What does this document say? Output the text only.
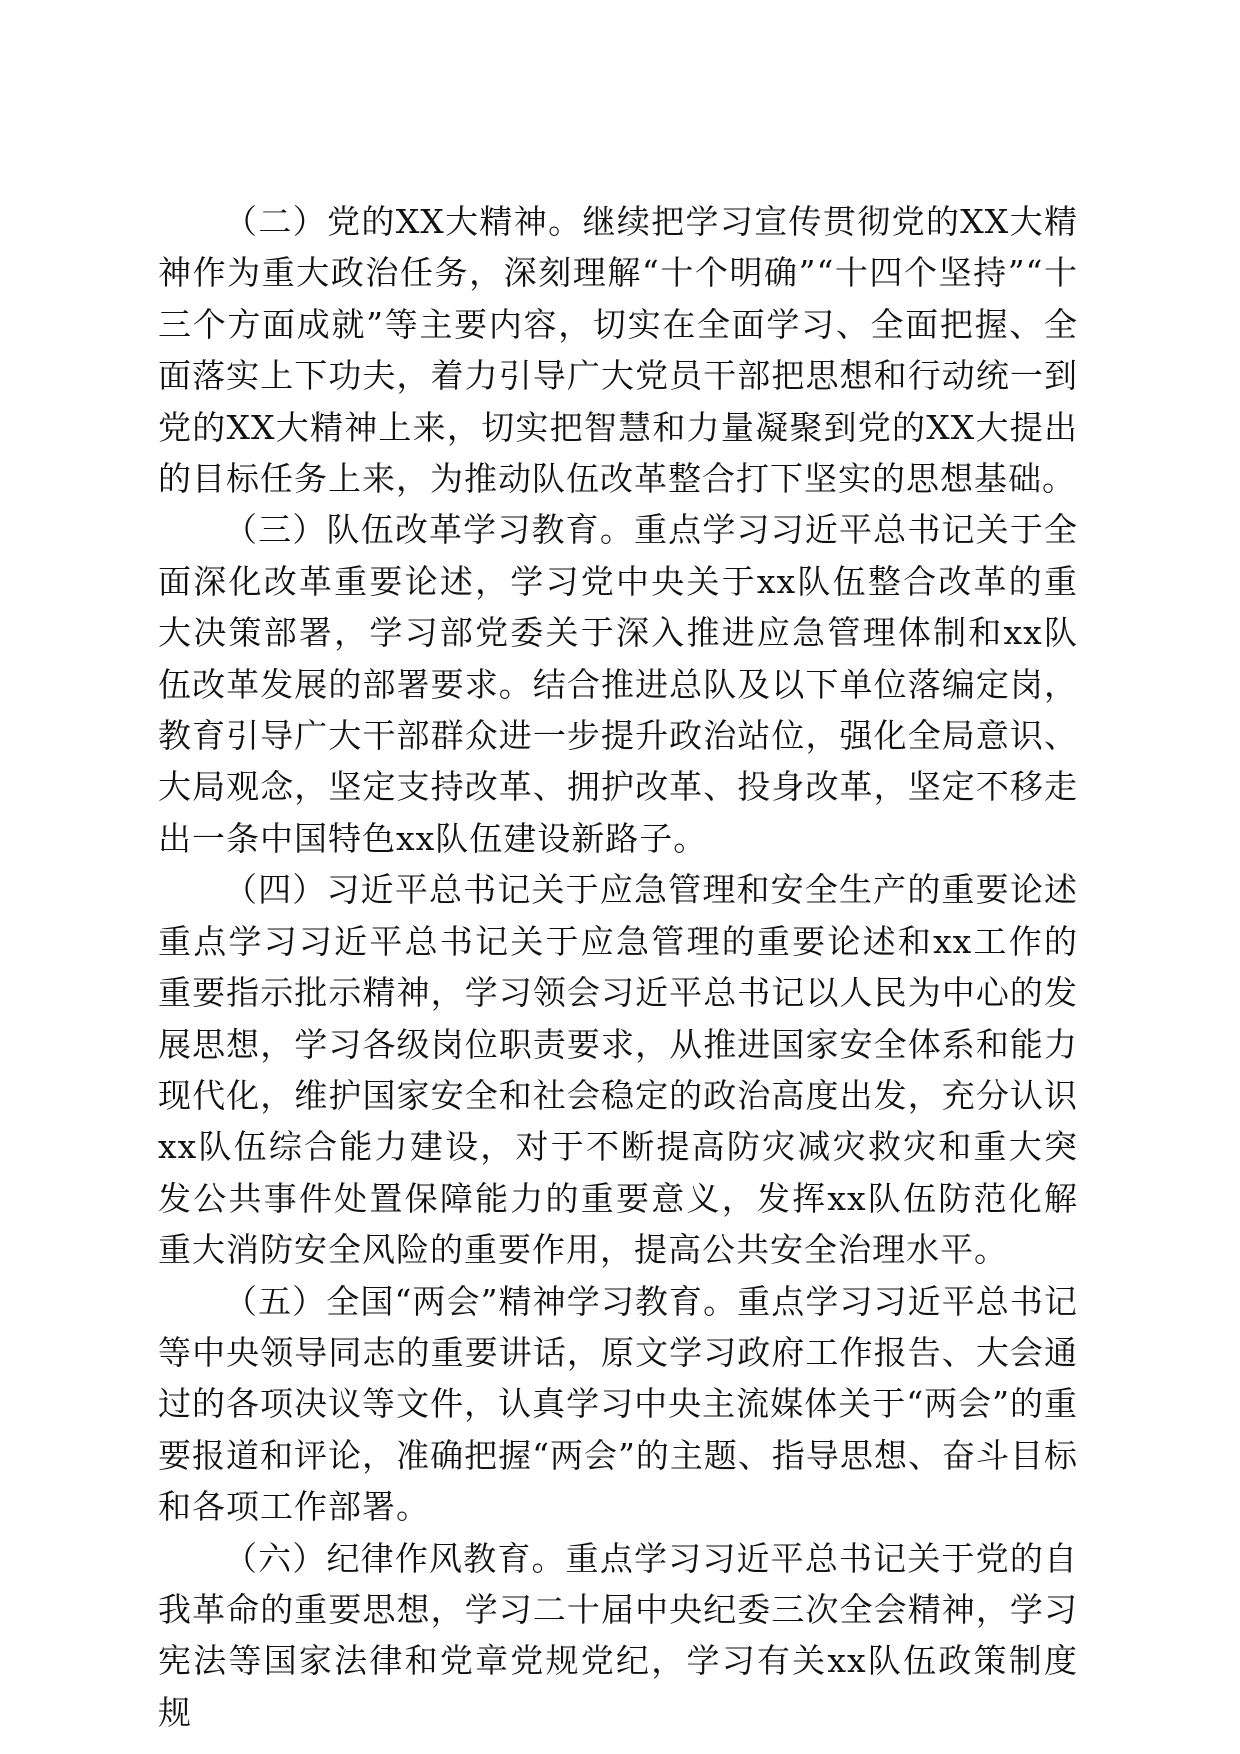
（二）党的XX大精神。继续把学习宣传贯彻党的XX大精神作为重大政治任务，深刻理解“十个明确”“十四个坚持”“十三个方面成就”等主要内容，切实在全面学习、全面把握、全面落实上下功夫，着力引导广大党员干部把思想和行动统一到党的XX大精神上来，切实把智慧和力量凝聚到党的XX大提出的目标任务上来，为推动队伍改革整合打下坚实的思想基础。

（三）队伍改革学习教育。重点学习习近平总书记关于全面深化改革重要论述，学习党中央关于xx队伍整合改革的重大决策部署，学习部党委关于深入推进应急管理体制和xx队伍改革发展的部署要求。结合推进总队及以下单位落编定岗，教育引导广大干部群众进一步提升政治站位，强化全局意识、大局观念，坚定支持改革、拥护改革、投身改革，坚定不移走出一条中国特色xx队伍建设新路子。

（四）习近平总书记关于应急管理和安全生产的重要论述重点学习习近平总书记关于应急管理的重要论述和xx工作的重要指示批示精神，学习领会习近平总书记以人民为中心的发展思想，学习各级岗位职责要求，从推进国家安全体系和能力现代化，维护国家安全和社会稳定的政治高度出发，充分认识xx队伍综合能力建设，对于不断提高防灾减灾救灾和重大突发公共事件处置保障能力的重要意义，发挥xx队伍防范化解重大消防安全风险的重要作用，提高公共安全治理水平。

（五）全国“两会”精神学习教育。重点学习习近平总书记等中央领导同志的重要讲话，原文学习政府工作报告、大会通过的各项决议等文件，认真学习中央主流媒体关于“两会”的重要报道和评论，准确把握“两会”的主题、指导思想、奋斗目标和各项工作部署。

（六）纪律作风教育。重点学习习近平总书记关于党的自我革命的重要思想，学习二十届中央纪委三次全会精神，学习宪法等国家法律和党章党规党纪，学习有关xx队伍政策制度规
